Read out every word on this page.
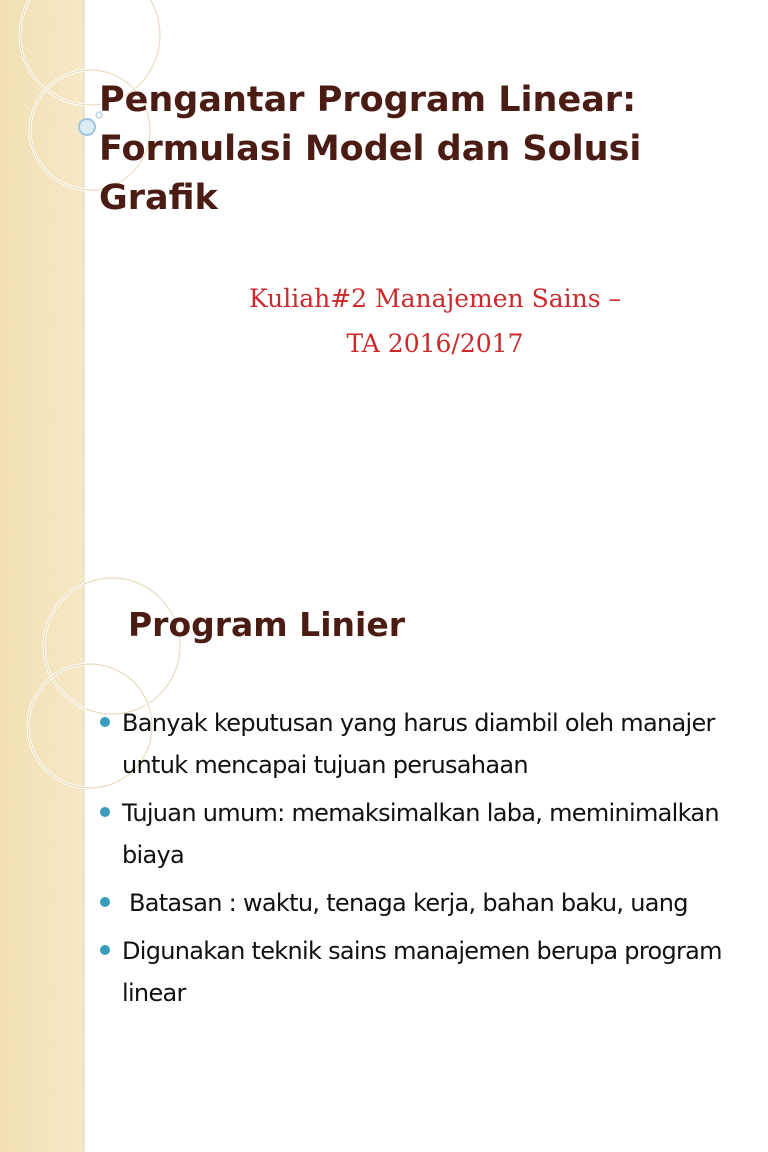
Pengantar Program Linear: Formulasi Model dan Solusi Grafik
Kuliah#2 Manajemen Sains –
TA 2016/2017
Program Linier
Banyak keputusan yang harus diambil oleh manajer untuk mencapai tujuan perusahaan
Tujuan umum: memaksimalkan laba, meminimalkan biaya
Batasan : waktu, tenaga kerja, bahan baku, uang
Digunakan teknik sains manajemen berupa program linear
